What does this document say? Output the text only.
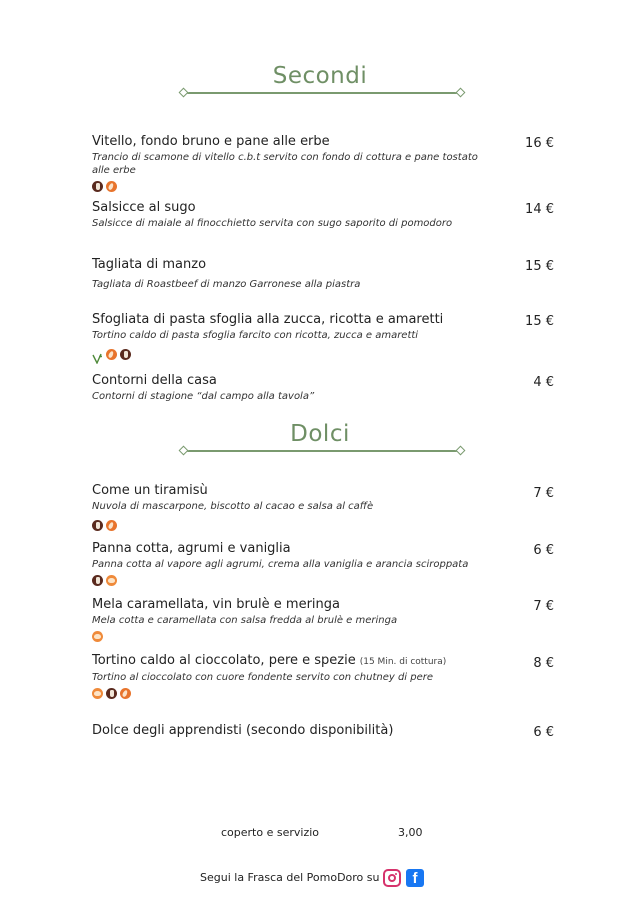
Secondi
Vitello, fondo bruno e pane alle erbe
Trancio di scamone di vitello c.b.t servito con fondo di cottura e pane tostato alle erbe
16 €
Salsicce al sugo
Salsicce di maiale al finocchietto servita con sugo saporito di pomodoro
14 €
Tagliata di manzo
Tagliata di Roastbeef di manzo Garronese alla piastra
15 €
Sfogliata di pasta sfoglia alla zucca, ricotta e amaretti
Tortino caldo di pasta sfoglia farcito con ricotta, zucca e amaretti
15 €
Contorni della casa
Contorni di stagione “dal campo alla tavola”
4 €
Dolci
Come un tiramisù
Nuvola di mascarpone, biscotto al cacao e salsa al caffè
7 €
Panna cotta, agrumi e vaniglia
Panna cotta al vapore agli agrumi, crema alla vaniglia e arancia sciroppata
6 €
Mela caramellata, vin brulè e meringa
Mela cotta e caramellata con salsa fredda al brulè e meringa
7 €
Tortino caldo al cioccolato, pere e spezie (15 Min. di cottura)
Tortino al cioccolato con cuore fondente servito con chutney di pere
8 €
Dolce degli apprendisti (secondo disponibilità)	6 €
coperto e servizio	3,00
Segui la Frasca del PomoDoro su	f
